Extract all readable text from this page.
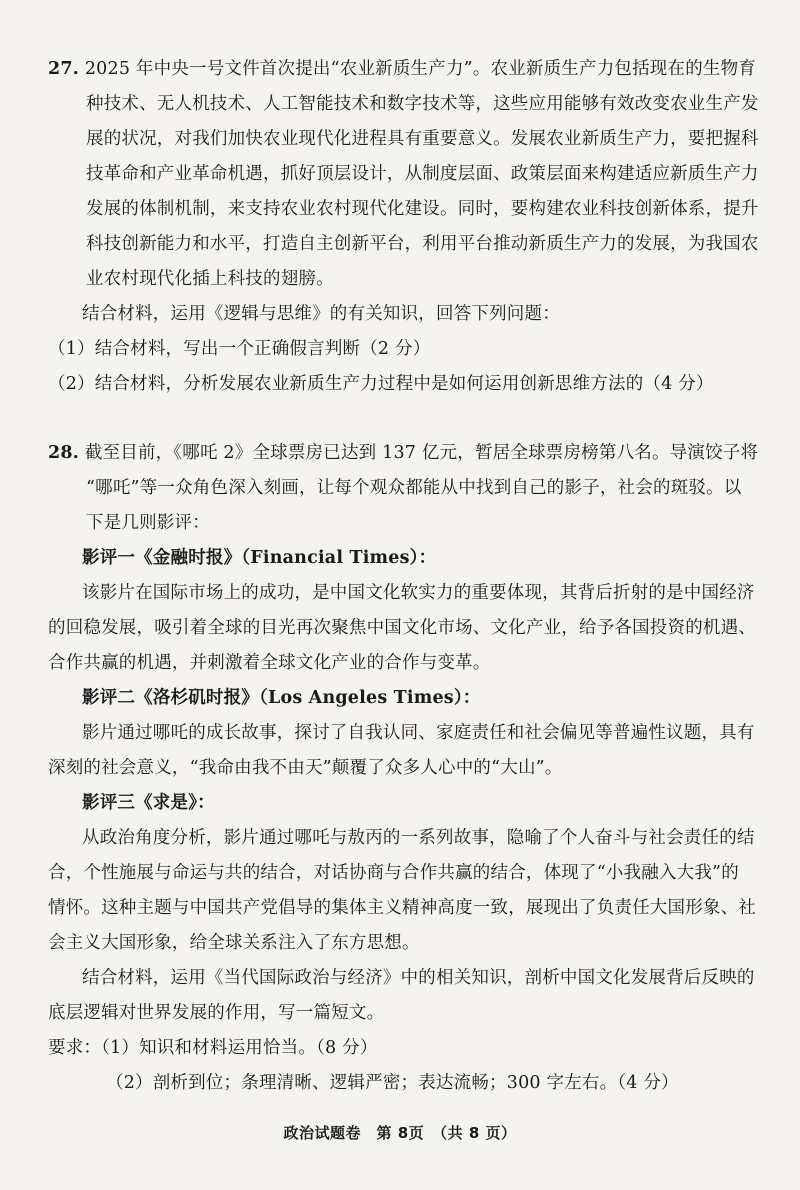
27. 2025 年中央一号文件首次提出“农业新质生产力”。农业新质生产力包括现在的生物育
种技术、无人机技术、人工智能技术和数字技术等，这些应用能够有效改变农业生产发
展的状况，对我们加快农业现代化进程具有重要意义。发展农业新质生产力，要把握科
技革命和产业革命机遇，抓好顶层设计，从制度层面、政策层面来构建适应新质生产力
发展的体制机制，来支持农业农村现代化建设。同时，要构建农业科技创新体系，提升
科技创新能力和水平，打造自主创新平台，利用平台推动新质生产力的发展，为我国农
业农村现代化插上科技的翅膀。
结合材料，运用《逻辑与思维》的有关知识，回答下列问题：
（1）结合材料，写出一个正确假言判断（2 分）
（2）结合材料，分析发展农业新质生产力过程中是如何运用创新思维方法的（4 分）
28. 截至目前，《哪吒 2》全球票房已达到 137 亿元，暂居全球票房榜第八名。导演饺子将
“哪吒”等一众角色深入刻画，让每个观众都能从中找到自己的影子，社会的斑驳。以
下是几则影评：
影评一《金融时报》（Financial Times）：
该影片在国际市场上的成功，是中国文化软实力的重要体现，其背后折射的是中国经济
的回稳发展，吸引着全球的目光再次聚焦中国文化市场、文化产业，给予各国投资的机遇、
合作共赢的机遇，并刺激着全球文化产业的合作与变革。
影评二《洛杉矶时报》（Los Angeles Times）：
影片通过哪吒的成长故事，探讨了自我认同、家庭责任和社会偏见等普遍性议题，具有
深刻的社会意义，“我命由我不由天”颠覆了众多人心中的“大山”。
影评三《求是》：
从政治角度分析，影片通过哪吒与敖丙的一系列故事，隐喻了个人奋斗与社会责任的结
合，个性施展与命运与共的结合，对话协商与合作共赢的结合，体现了“小我融入大我”的
情怀。这种主题与中国共产党倡导的集体主义精神高度一致，展现出了负责任大国形象、社
会主义大国形象，给全球关系注入了东方思想。
结合材料，运用《当代国际政治与经济》中的相关知识，剖析中国文化发展背后反映的
底层逻辑对世界发展的作用，写一篇短文。
要求：（1）知识和材料运用恰当。（8 分）
（2）剖析到位；条理清晰、逻辑严密；表达流畅；300 字左右。（4 分）
政治试题卷　第 8页　（共 8 页）
